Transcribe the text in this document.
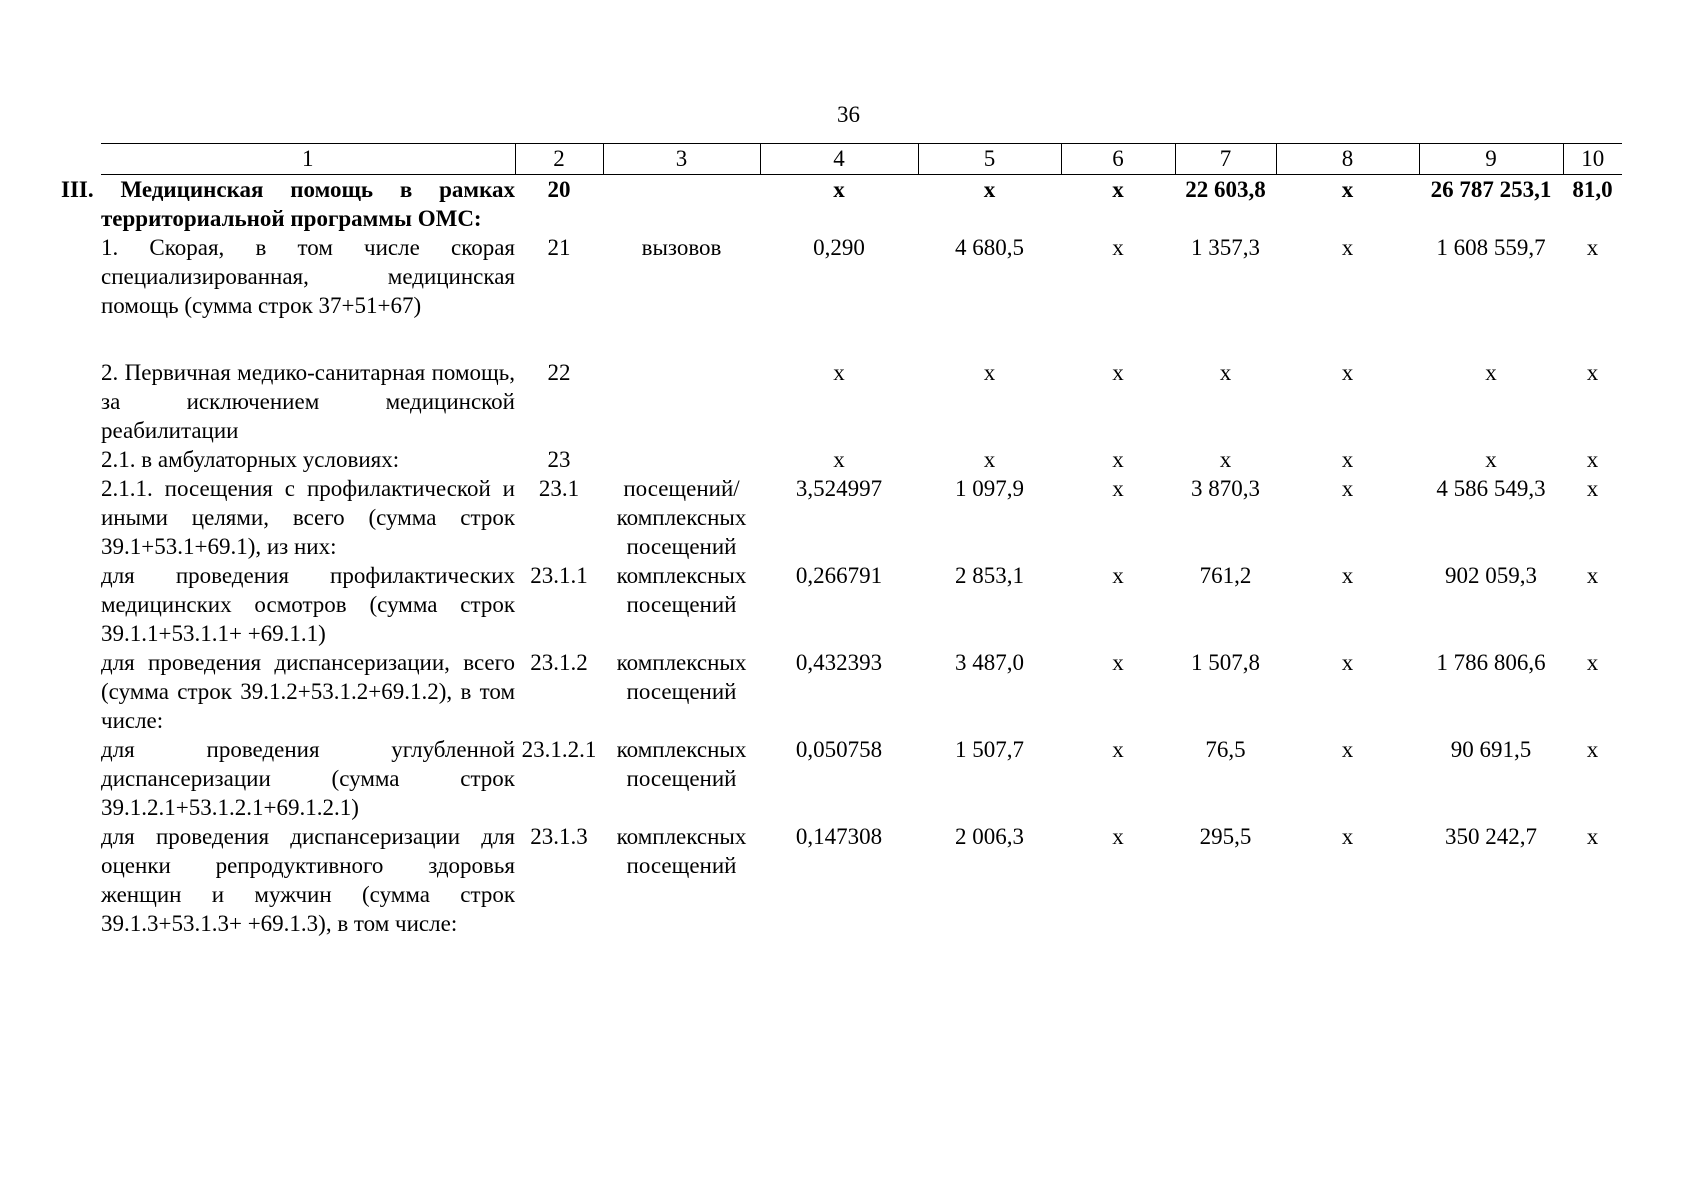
36
1	2	3	4	5	6	7	8	9	10
III. Медицинская помощь в рамках территориальной программы ОМС:	20		х	х	х	22 603,8	х	26 787 253,1	81,0
1. Скорая, в том числе скорая специализированная, медицинская помощь (сумма строк 37+51+67)	21	вызовов	0,290	4 680,5	х	1 357,3	х	1 608 559,7	х
2. Первичная медико-санитарная помощь, за исключением медицинской реабилитации	22		х	х	х	х	х	х	х
2.1. в амбулаторных условиях:	23		х	х	х	х	х	х	х
2.1.1. посещения с профилактической и иными целями, всего (сумма строк 39.1+53.1+69.1), из них:	23.1	посещений/ комплексных посещений	3,524997	1 097,9	х	3 870,3	х	4 586 549,3	х
для проведения профилактических медицинских осмотров (сумма строк 39.1.1+53.1.1+ +69.1.1)	23.1.1	комплексных посещений	0,266791	2 853,1	х	761,2	х	902 059,3	х
для проведения диспансеризации, всего (сумма строк 39.1.2+53.1.2+69.1.2), в том числе:	23.1.2	комплексных посещений	0,432393	3 487,0	х	1 507,8	х	1 786 806,6	х
для проведения углубленной диспансеризации (сумма строк 39.1.2.1+53.1.2.1+69.1.2.1)	23.1.2.1	комплексных посещений	0,050758	1 507,7	х	76,5	х	90 691,5	х
для проведения диспансеризации для оценки репродуктивного здоровья женщин и мужчин (сумма строк 39.1.3+53.1.3+ +69.1.3), в том числе:	23.1.3	комплексных посещений	0,147308	2 006,3	х	295,5	х	350 242,7	х
